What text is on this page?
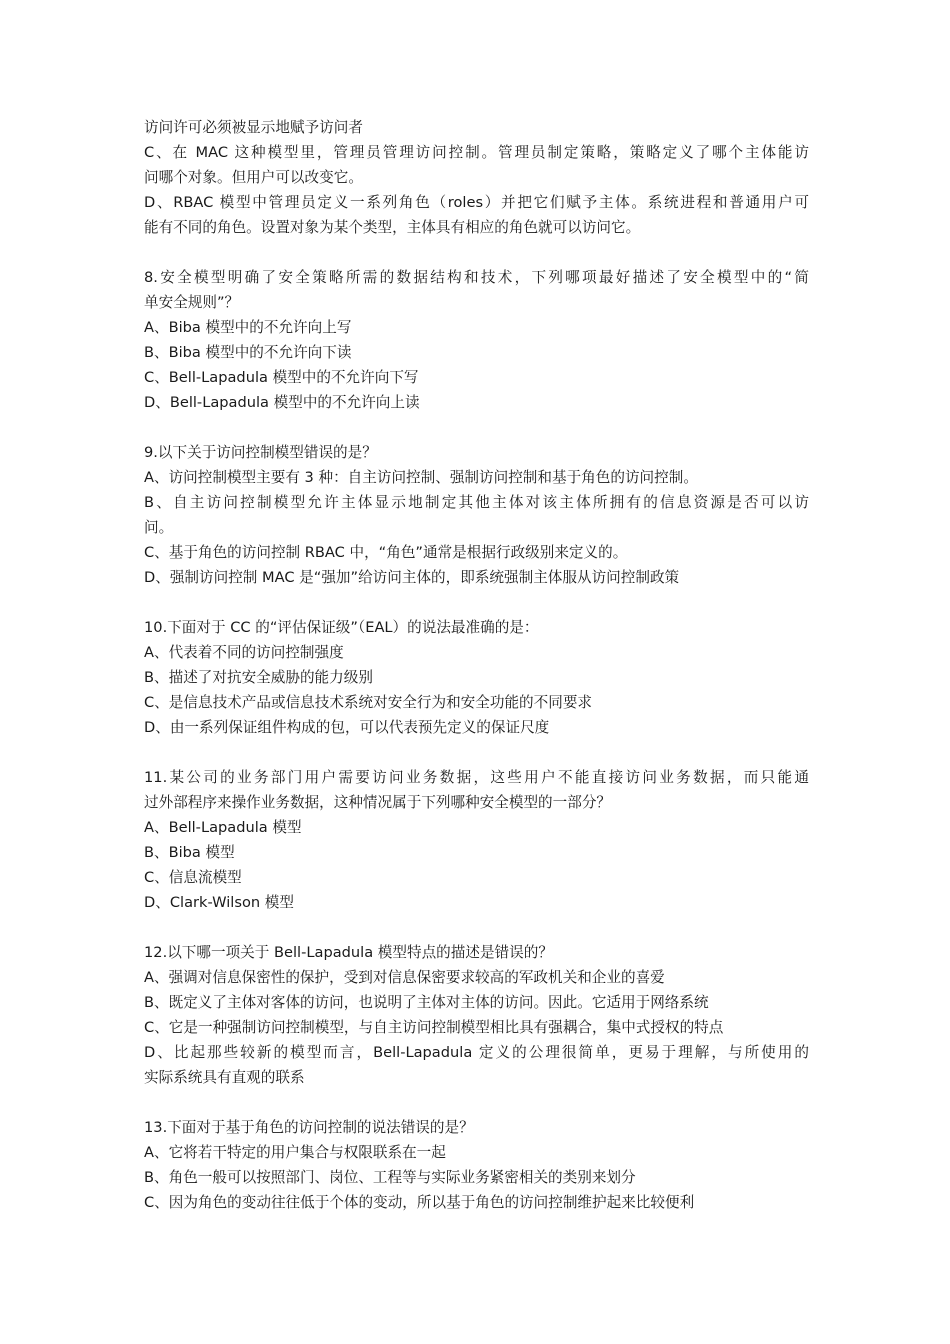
访问许可必须被显示地赋予访问者
C、在 MAC 这种模型里，管理员管理访问控制。管理员制定策略，策略定义了哪个主体能访
问哪个对象。但用户可以改变它。
D、RBAC 模型中管理员定义一系列角色（roles）并把它们赋予主体。系统进程和普通用户可
能有不同的角色。设置对象为某个类型，主体具有相应的角色就可以访问它。
8.安全模型明确了安全策略所需的数据结构和技术，下列哪项最好描述了安全模型中的“简
单安全规则”？
A、Biba 模型中的不允许向上写
B、Biba 模型中的不允许向下读
C、Bell-Lapadula 模型中的不允许向下写
D、Bell-Lapadula 模型中的不允许向上读
9.以下关于访问控制模型错误的是？
A、访问控制模型主要有 3 种：自主访问控制、强制访问控制和基于角色的访问控制。
B、自主访问控制模型允许主体显示地制定其他主体对该主体所拥有的信息资源是否可以访
问。
C、基于角色的访问控制 RBAC 中，“角色”通常是根据行政级别来定义的。
D、强制访问控制 MAC 是“强加”给访问主体的，即系统强制主体服从访问控制政策
10.下面对于 CC 的“评估保证级”（EAL）的说法最准确的是：
A、代表着不同的访问控制强度
B、描述了对抗安全威胁的能力级别
C、是信息技术产品或信息技术系统对安全行为和安全功能的不同要求
D、由一系列保证组件构成的包，可以代表预先定义的保证尺度
11.某公司的业务部门用户需要访问业务数据，这些用户不能直接访问业务数据，而只能通
过外部程序来操作业务数据，这种情况属于下列哪种安全模型的一部分？
A、Bell-Lapadula 模型
B、Biba 模型
C、信息流模型
D、Clark-Wilson 模型
12.以下哪一项关于 Bell-Lapadula 模型特点的描述是错误的？
A、强调对信息保密性的保护，受到对信息保密要求较高的军政机关和企业的喜爱
B、既定义了主体对客体的访问，也说明了主体对主体的访问。因此。它适用于网络系统
C、它是一种强制访问控制模型，与自主访问控制模型相比具有强耦合，集中式授权的特点
D、比起那些较新的模型而言，Bell-Lapadula 定义的公理很简单，更易于理解，与所使用的
实际系统具有直观的联系
13.下面对于基于角色的访问控制的说法错误的是？
A、它将若干特定的用户集合与权限联系在一起
B、角色一般可以按照部门、岗位、工程等与实际业务紧密相关的类别来划分
C、因为角色的变动往往低于个体的变动，所以基于角色的访问控制维护起来比较便利
